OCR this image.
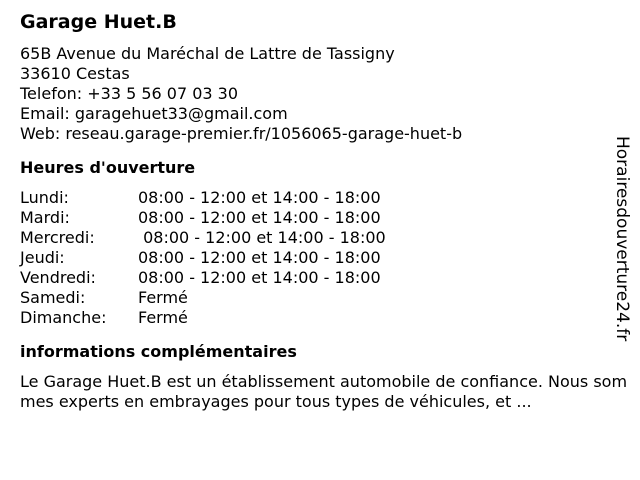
Garage Huet.B
65B Avenue du Maréchal de Lattre de Tassigny
33610 Cestas
Telefon: +33 5 56 07 03 30
Email: garagehuet33@gmail.com
Web: reseau.garage-premier.fr/1056065-garage-huet-b
Heures d'ouverture
Lundi:	08:00 - 12:00 et 14:00 - 18:00
Mardi:	08:00 - 12:00 et 14:00 - 18:00
Mercredi:	08:00 - 12:00 et 14:00 - 18:00
Jeudi:	08:00 - 12:00 et 14:00 - 18:00
Vendredi:	08:00 - 12:00 et 14:00 - 18:00
Samedi:	Fermé
Dimanche:	Fermé
informations complémentaires
Le Garage Huet.B est un établissement automobile de confiance. Nous sommes experts en embrayages pour tous types de véhicules, et ...
Horairesdouverture24.fr
